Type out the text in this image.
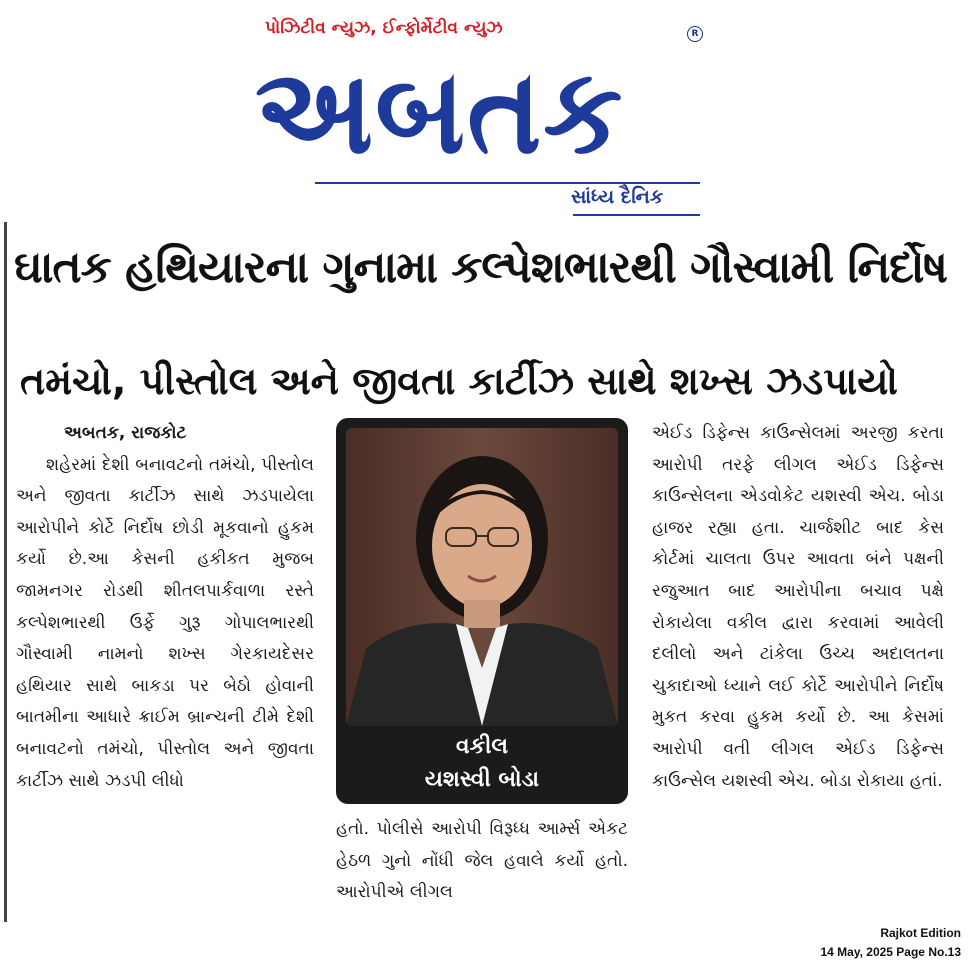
પોઝિટીવ ન્યુઝ, ઈન્ફોર્મેટીવ ન્યુઝ	R
અબતક
સાંધ્ય દૈનિક
ઘાતક હથિયારના ગુનામા કલ્પેશભારથી ગૌસ્વામી નિર્દોષ
તમંચો, પીસ્તોલ અને જીવતા કાર્ટીઝ સાથે શખ્સ ઝડપાયો

અબતક, રાજકોટ

શહેરમાં દેશી બનાવટનો તમંચો, પીસ્તોલ અને જીવતા કાર્ટીઝ સાથે ઝડપાયેલા આરોપીને કોર્ટે નિર્દોષ છોડી મૂકવાનો હુકમ કર્યો છે.આ કેસની હકીકત મુજબ જામનગર રોડથી શીતલપાર્કવાળા રસ્તે કલ્પેશભારથી ઉર્ફે ગુરૂ ગોપાલભારથી ગૌસ્વામી નામનો શખ્સ ગેરકાયદેસર હથિયાર સાથે બાકડા પર બેઠો હોવાની બાતમીના આધારે ક્રાઈમ બ્રાન્ચની ટીમે દેશી બનાવટનો તમંચો, પીસ્તોલ અને જીવતા કાર્ટીઝ સાથે ઝડપી લીધો

વકીલ
યશસ્વી બોડા

હતો. પોલીસે આરોપી વિરૂધ્ધ આર્મ્સ એકટ હેઠળ ગુનો નોંધી જેલ હવાલે કર્યો હતો. આરોપીએ લીગલ

એઈડ ડિફેન્સ કાઉન્સેલમાં અરજી કરતા આરોપી તરફે લીગલ એઈડ ડિફેન્સ કાઉન્સેલના એડવોકેટ યશસ્વી એચ. બોડા હાજર રહ્યા હતા. ચાર્જશીટ બાદ કેસ કોર્ટમાં ચાલતા ઉપર આવતા બંને પક્ષની રજુઆત બાદ આરોપીના બચાવ પક્ષે રોકાયેલા વકીલ દ્વારા કરવામાં આવેલી દલીલો અને ટાંકેલા ઉચ્ચ અદાલતના ચુકાદાઓ ધ્યાને લઈ કોર્ટે આરોપીને નિર્દોષ મુકત કરવા હુકમ કર્યો છે. આ કેસમાં આરોપી વતી લીગલ એઈડ ડિફેન્સ કાઉન્સેલ યશસ્વી એચ. બોડા રોકાયા હતાં.

Rajkot Edition
14 May, 2025 Page No.13
